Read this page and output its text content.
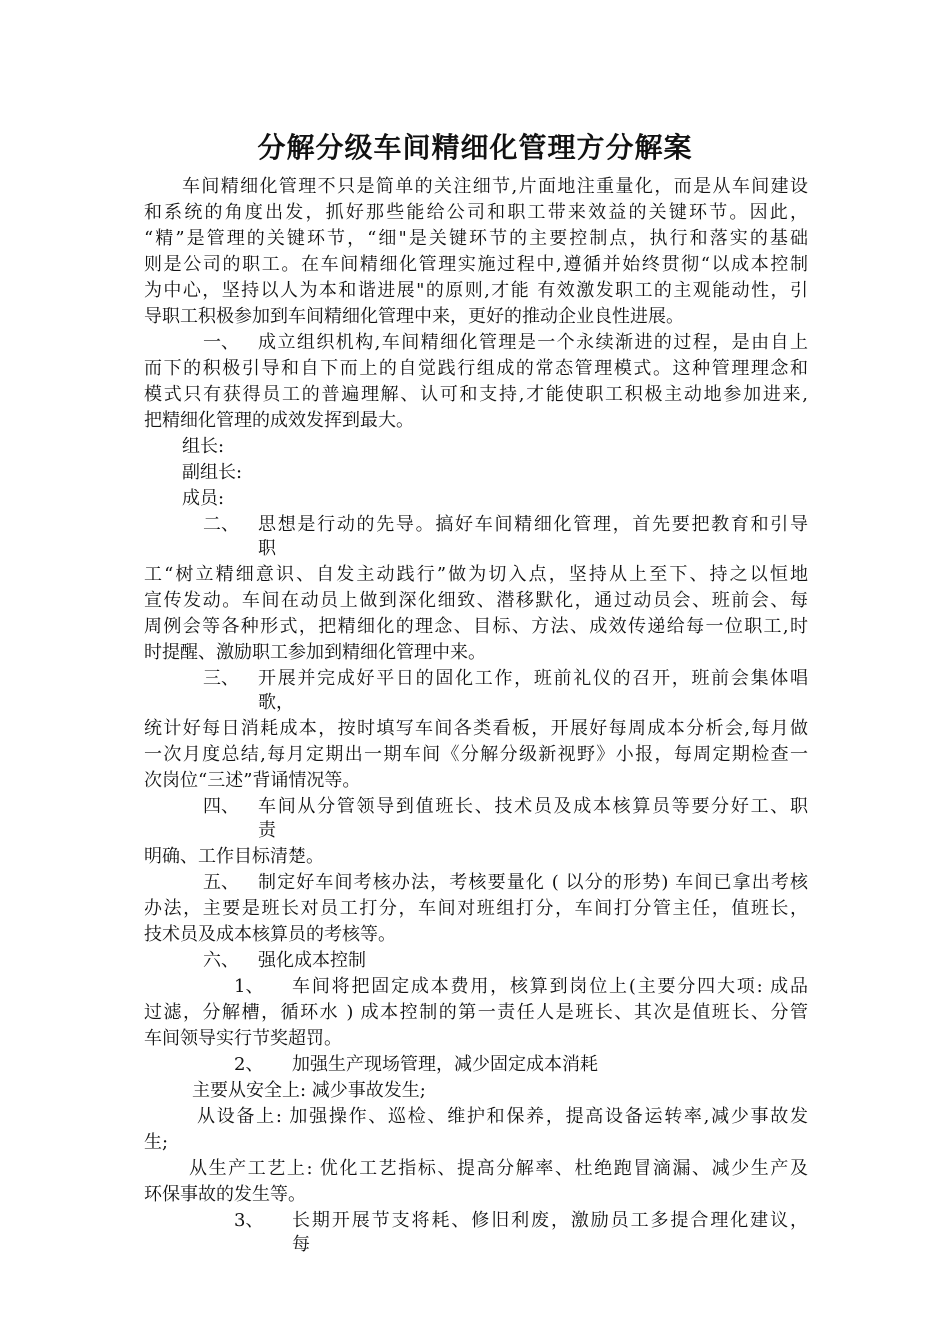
分解分级车间精细化管理方分解案
车间精细化管理不只是简单的关注细节,片面地注重量化，而是从车间建设
和系统的角度出发，抓好那些能给公司和职工带来效益的关键环节。因此，
“精”是管理的关键环节，“细"是关键环节的主要控制点，执行和落实的基础
则是公司的职工。在车间精细化管理实施过程中,遵循并始终贯彻“以成本控制
为中心，坚持以人为本和谐进展"的原则,才能 有效激发职工的主观能动性，引
导职工积极参加到车间精细化管理中来，更好的推动企业良性进展。
一、 成立组织机构,车间精细化管理是一个永续渐进的过程，是由自上
而下的积极引导和自下而上的自觉践行组成的常态管理模式。这种管理理念和
模式只有获得员工的普遍理解、认可和支持,才能使职工积极主动地参加进来,
把精细化管理的成效发挥到最大。
组长:
副组长:
成员:
二、 思想是行动的先导。搞好车间精细化管理，首先要把教育和引导
职
工“树立精细意识、自发主动践行”做为切入点，坚持从上至下、持之以恒地
宣传发动。车间在动员上做到深化细致、潜移默化，通过动员会、班前会、每
周例会等各种形式，把精细化的理念、目标、方法、成效传递给每一位职工,时
时提醒、激励职工参加到精细化管理中来。
三、 开展并完成好平日的固化工作，班前礼仪的召开，班前会集体唱
歌，
统计好每日消耗成本，按时填写车间各类看板，开展好每周成本分析会,每月做
一次月度总结,每月定期出一期车间《分解分级新视野》小报，每周定期检查一
次岗位“三述”背诵情况等。
四、 车间从分管领导到值班长、技术员及成本核算员等要分好工、职
责
明确、工作目标清楚。
五、 制定好车间考核办法，考核要量化 ( 以分的形势) 车间已拿出考核
办法，主要是班长对员工打分，车间对班组打分，车间打分管主任，值班长，
技术员及成本核算员的考核等。
六、 强化成本控制
1、 车间将把固定成本费用，核算到岗位上(主要分四大项: 成品
过滤，分解槽，循环水 ) 成本控制的第一责任人是班长、其次是值班长、分管
车间领导实行节奖超罚。
2、 加强生产现场管理，减少固定成本消耗
主要从安全上: 减少事故发生;
从设备上: 加强操作、巡检、维护和保养，提高设备运转率,减少事故发
生;
从生产工艺上: 优化工艺指标、提高分解率、杜绝跑冒滴漏、减少生产及
环保事故的发生等。
3、 长期开展节支将耗、修旧利废，激励员工多提合理化建议，
每
